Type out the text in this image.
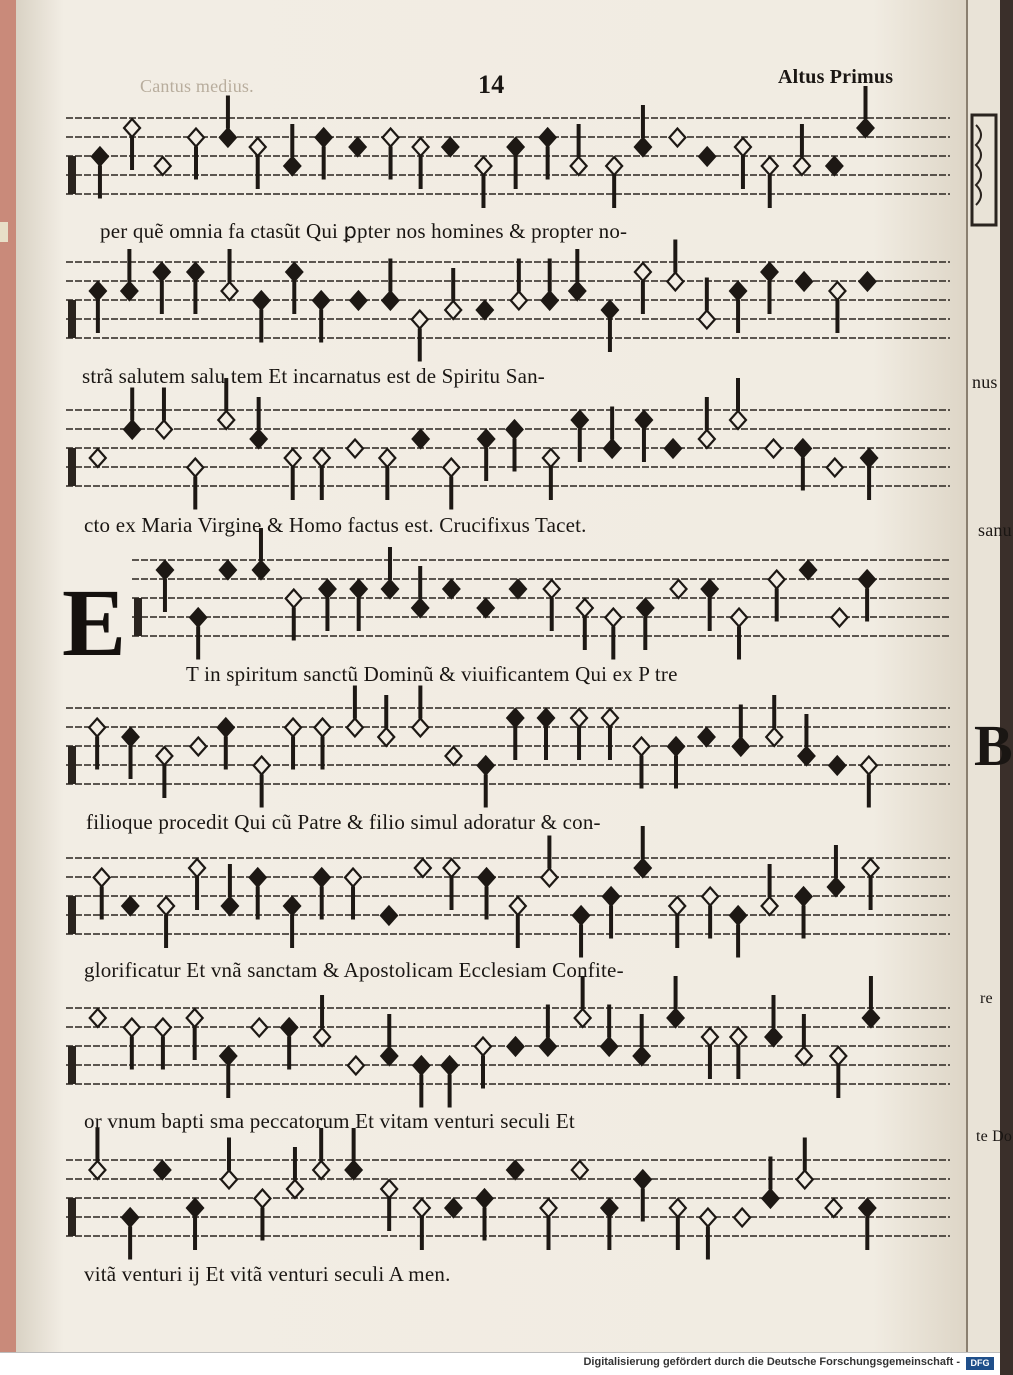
Cantus medius.	14	Altus Primus
E
per quẽ omnia fa ctasũt Qui ꝑpter nos homines & propter no-
strã salutem salu tem Et incarnatus est de Spiritu San-
cto ex Maria Virgine & Homo factus est. Crucifixus Tacet.
T in spiritum sanctũ Dominũ & viuificantem Qui ex P tre
filioque procedit Qui cũ Patre & filio simul adoratur & con-
glorificatur Et vnã sanctam & Apostolicam Ecclesiam Confite-
or vnum bapti sma peccatorum Et vitam venturi seculi Et
vitã venturi ij Et vitã venturi seculi A men.
nus
sanu
B
re
te Do
Digitalisierung gefördert durch die Deutsche Forschungsgemeinschaft -	DFG
